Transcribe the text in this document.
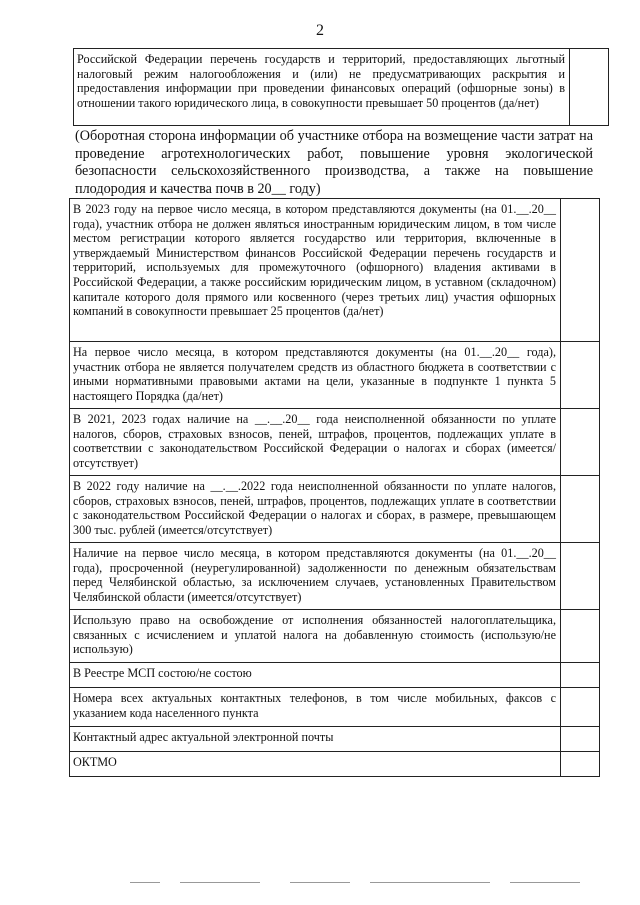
2
Российской Федерации перечень государств и территорий, предоставляющих льготный налоговый режим налогообложения и (или) не предусматривающих раскрытия и предоставления информации при проведении финансовых операций (офшорные зоны) в отношении такого юридического лица, в совокупности превышает 50 процентов (да/нет)	
(Оборотная сторона информации об участнике отбора на возмещение части затрат на проведение агротехнологических работ, повышение уровня экологической безопасности сельскохозяйственного производства, а также на повышение плодородия и качества почв в 20__ году)
В 2023 году на первое число месяца, в котором представляются документы (на 01.__.20__ года), участник отбора не должен являться иностранным юридическим лицом, в том числе местом регистрации которого является государство или территория, включенные в утверждаемый Министерством финансов Российской Федерации перечень государств и территорий, используемых для промежуточного (офшорного) владения активами в Российской Федерации, а также российским юридическим лицом, в уставном (складочном) капитале которого доля прямого или косвенного (через третьих лиц) участия офшорных компаний в совокупности превышает 25 процентов (да/нет)	
На первое число месяца, в котором представляются документы (на 01.__.20__ года), участник отбора не является получателем средств из областного бюджета в соответствии с иными нормативными правовыми актами на цели, указанные в подпункте 1 пункта 5 настоящего Порядка (да/нет)	
В 2021, 2023 годах наличие на __.__.20__ года неисполненной обязанности по уплате налогов, сборов, страховых взносов, пеней, штрафов, процентов, подлежащих уплате в соответствии с законодательством Российской Федерации о налогах и сборах (имеется/отсутствует)	
В 2022 году наличие на __.__.2022 года неисполненной обязанности по уплате налогов, сборов, страховых взносов, пеней, штрафов, процентов, подлежащих уплате в соответствии с законодательством Российской Федерации о налогах и сборах, в размере, превышающем 300 тыс. рублей (имеется/отсутствует)	
Наличие на первое число месяца, в котором представляются документы (на 01.__.20__ года), просроченной (неурегулированной) задолженности по денежным обязательствам перед Челябинской областью, за исключением случаев, установленных Правительством Челябинской области (имеется/отсутствует)	
Использую право на освобождение от исполнения обязанностей налогоплательщика, связанных с исчислением и уплатой налога на добавленную стоимость (использую/не использую)	
В Реестре МСП состою/не состою	
Номера всех актуальных контактных телефонов, в том числе мобильных, факсов с указанием кода населенного пункта	
Контактный адрес актуальной электронной почты	
ОКТМО	
